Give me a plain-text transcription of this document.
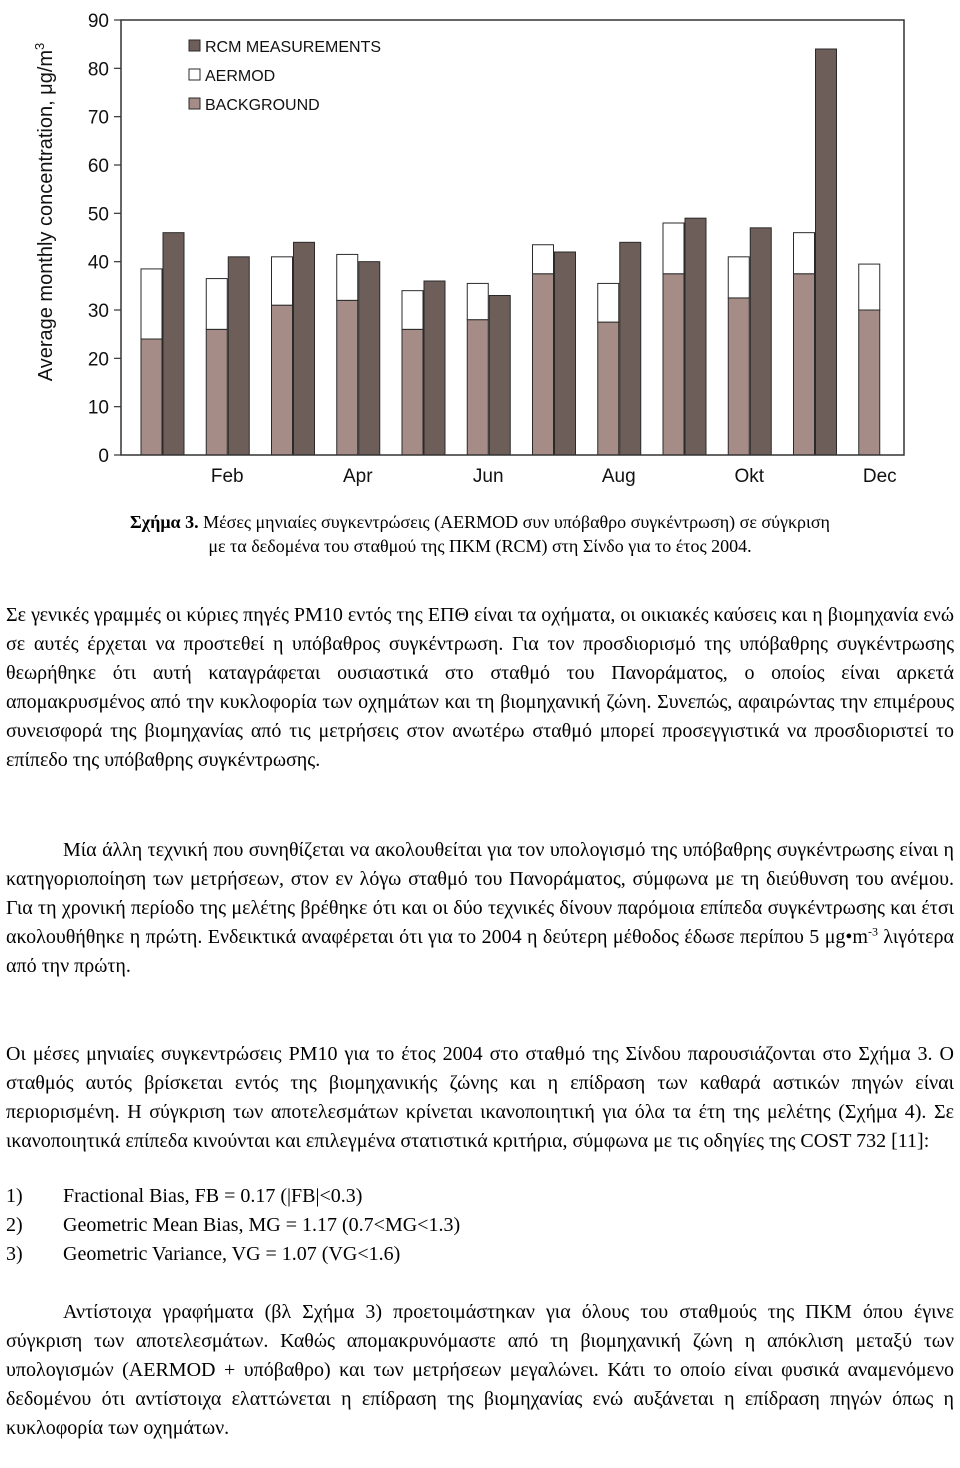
Average monthly concentration, $\mu g/m^3$
0
10
20
30
40
50
60
70
80
90
Feb	Apr	Jun	Aug	Okt	Dec
RCM MEASUREMENTS
AERMOD
BACKGROUND
Σχήμα 3. Μέσες μηνιαίες συγκεντρώσεις (AERMOD συν υπόβαθρο συγκέντρωση) σε σύγκριση
με τα δεδομένα του σταθμού της ΠΚΜ (RCM) στη Σίνδο για το έτος 2004.

Σε γενικές γραμμές οι κύριες πηγές PM10 εντός της ΕΠΘ είναι τα οχήματα, οι οικιακές καύσεις και η βιομηχανία ενώ σε αυτές έρχεται να προστεθεί η υπόβαθρος συγκέντρωση. Για τον προσδιορισμό της υπόβαθρης συγκέντρωσης θεωρήθηκε ότι αυτή καταγράφεται ουσιαστικά στο σταθμό του Πανοράματος, ο οποίος είναι αρκετά απομακρυσμένος από την κυκλοφορία των οχημάτων και τη βιομηχανική ζώνη. Συνεπώς, αφαιρώντας την επιμέρους συνεισφορά της βιομηχανίας από τις μετρήσεις στον ανωτέρω σταθμό μπορεί προσεγγιστικά να προσδιοριστεί το επίπεδο της υπόβαθρης συγκέντρωσης.

Μία άλλη τεχνική που συνηθίζεται να ακολουθείται για τον υπολογισμό της υπόβαθρης συγκέντρωσης είναι η κατηγοριοποίηση των μετρήσεων, στον εν λόγω σταθμό του Πανοράματος, σύμφωνα με τη διεύθυνση του ανέμου. Για τη χρονική περίοδο της μελέτης βρέθηκε ότι και οι δύο τεχνικές δίνουν παρόμοια επίπεδα συγκέντρωσης και έτσι ακολουθήθηκε η πρώτη. Ενδεικτικά αναφέρεται ότι για το 2004 η δεύτερη μέθοδος έδωσε περίπου 5 $\mu g•m^{-3}$ λιγότερα από την πρώτη.

Οι μέσες μηνιαίες συγκεντρώσεις PM10 για το έτος 2004 στο σταθμό της Σίνδου παρουσιάζονται στο Σχήμα 3. Ο σταθμός αυτός βρίσκεται εντός της βιομηχανικής ζώνης και η επίδραση των καθαρά αστικών πηγών είναι περιορισμένη. Η σύγκριση των αποτελεσμάτων κρίνεται ικανοποιητική για όλα τα έτη της μελέτης (Σχήμα 4). Σε ικανοποιητικά επίπεδα κινούνται και επιλεγμένα στατιστικά κριτήρια, σύμφωνα με τις οδηγίες της COST 732 [11]:

1) Fractional Bias, FB = 0.17 (|FB|<0.3)
2) Geometric Mean Bias, MG = 1.17 (0.7<MG<1.3)
3) Geometric Variance, VG = 1.07 (VG<1.6)

Αντίστοιχα γραφήματα (βλ Σχήμα 3) προετοιμάστηκαν για όλους του σταθμούς της ΠΚΜ όπου έγινε σύγκριση των αποτελεσμάτων. Καθώς απομακρυνόμαστε από τη βιομηχανική ζώνη η απόκλιση μεταξύ των υπολογισμών (AERMOD + υπόβαθρο) και των μετρήσεων μεγαλώνει. Κάτι το οποίο είναι φυσικά αναμενόμενο δεδομένου ότι αντίστοιχα ελαττώνεται η επίδραση της βιομηχανίας ενώ αυξάνεται η επίδραση πηγών όπως η κυκλοφορία των οχημάτων.
